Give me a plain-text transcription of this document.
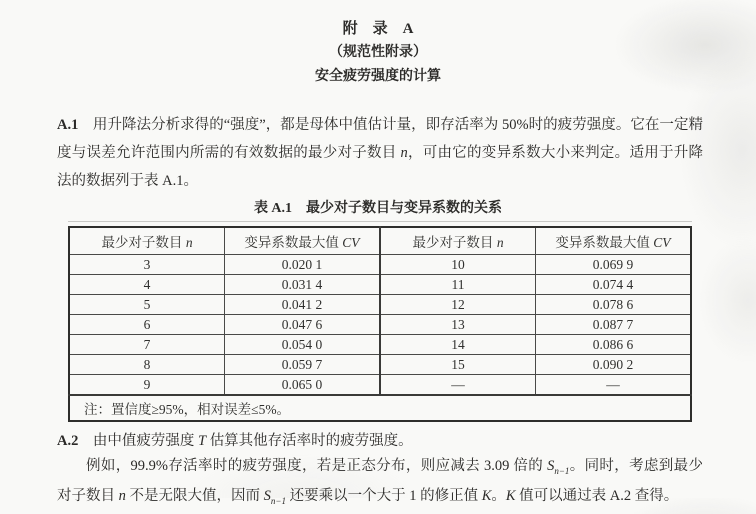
附　录　A
（规范性附录）
安全疲劳强度的计算
A.1　用升降法分析求得的“强度”，都是母体中值估计量，即存活率为 50%时的疲劳强度。它在一定精度与误差允许范围内所需的有效数据的最少对子数目 n，可由它的变异系数大小来判定。适用于升降法的数据列于表 A.1。
表 A.1　最少对子数目与变异系数的关系
最少对子数目 n	变异系数最大值 CV	最少对子数目 n	变异系数最大值 CV
3	0.020 1	10	0.069 9
4	0.031 4	11	0.074 4
5	0.041 2	12	0.078 6
6	0.047 6	13	0.087 7
7	0.054 0	14	0.086 6
8	0.059 7	15	0.090 2
9	0.065 0	—	—
注：置信度≥95%，相对误差≤5%。			

A.2　由中值疲劳强度 T 估算其他存活率时的疲劳强度。

例如，99.9%存活率时的疲劳强度，若是正态分布，则应减去 3.09 倍的 $S_{n-1}$。同时，考虑到最少对子数目 n 不是无限大值，因而 $S_{n-1}$ 还要乘以一个大于 1 的修正值 K。K 值可以通过表 A.2 查得。
